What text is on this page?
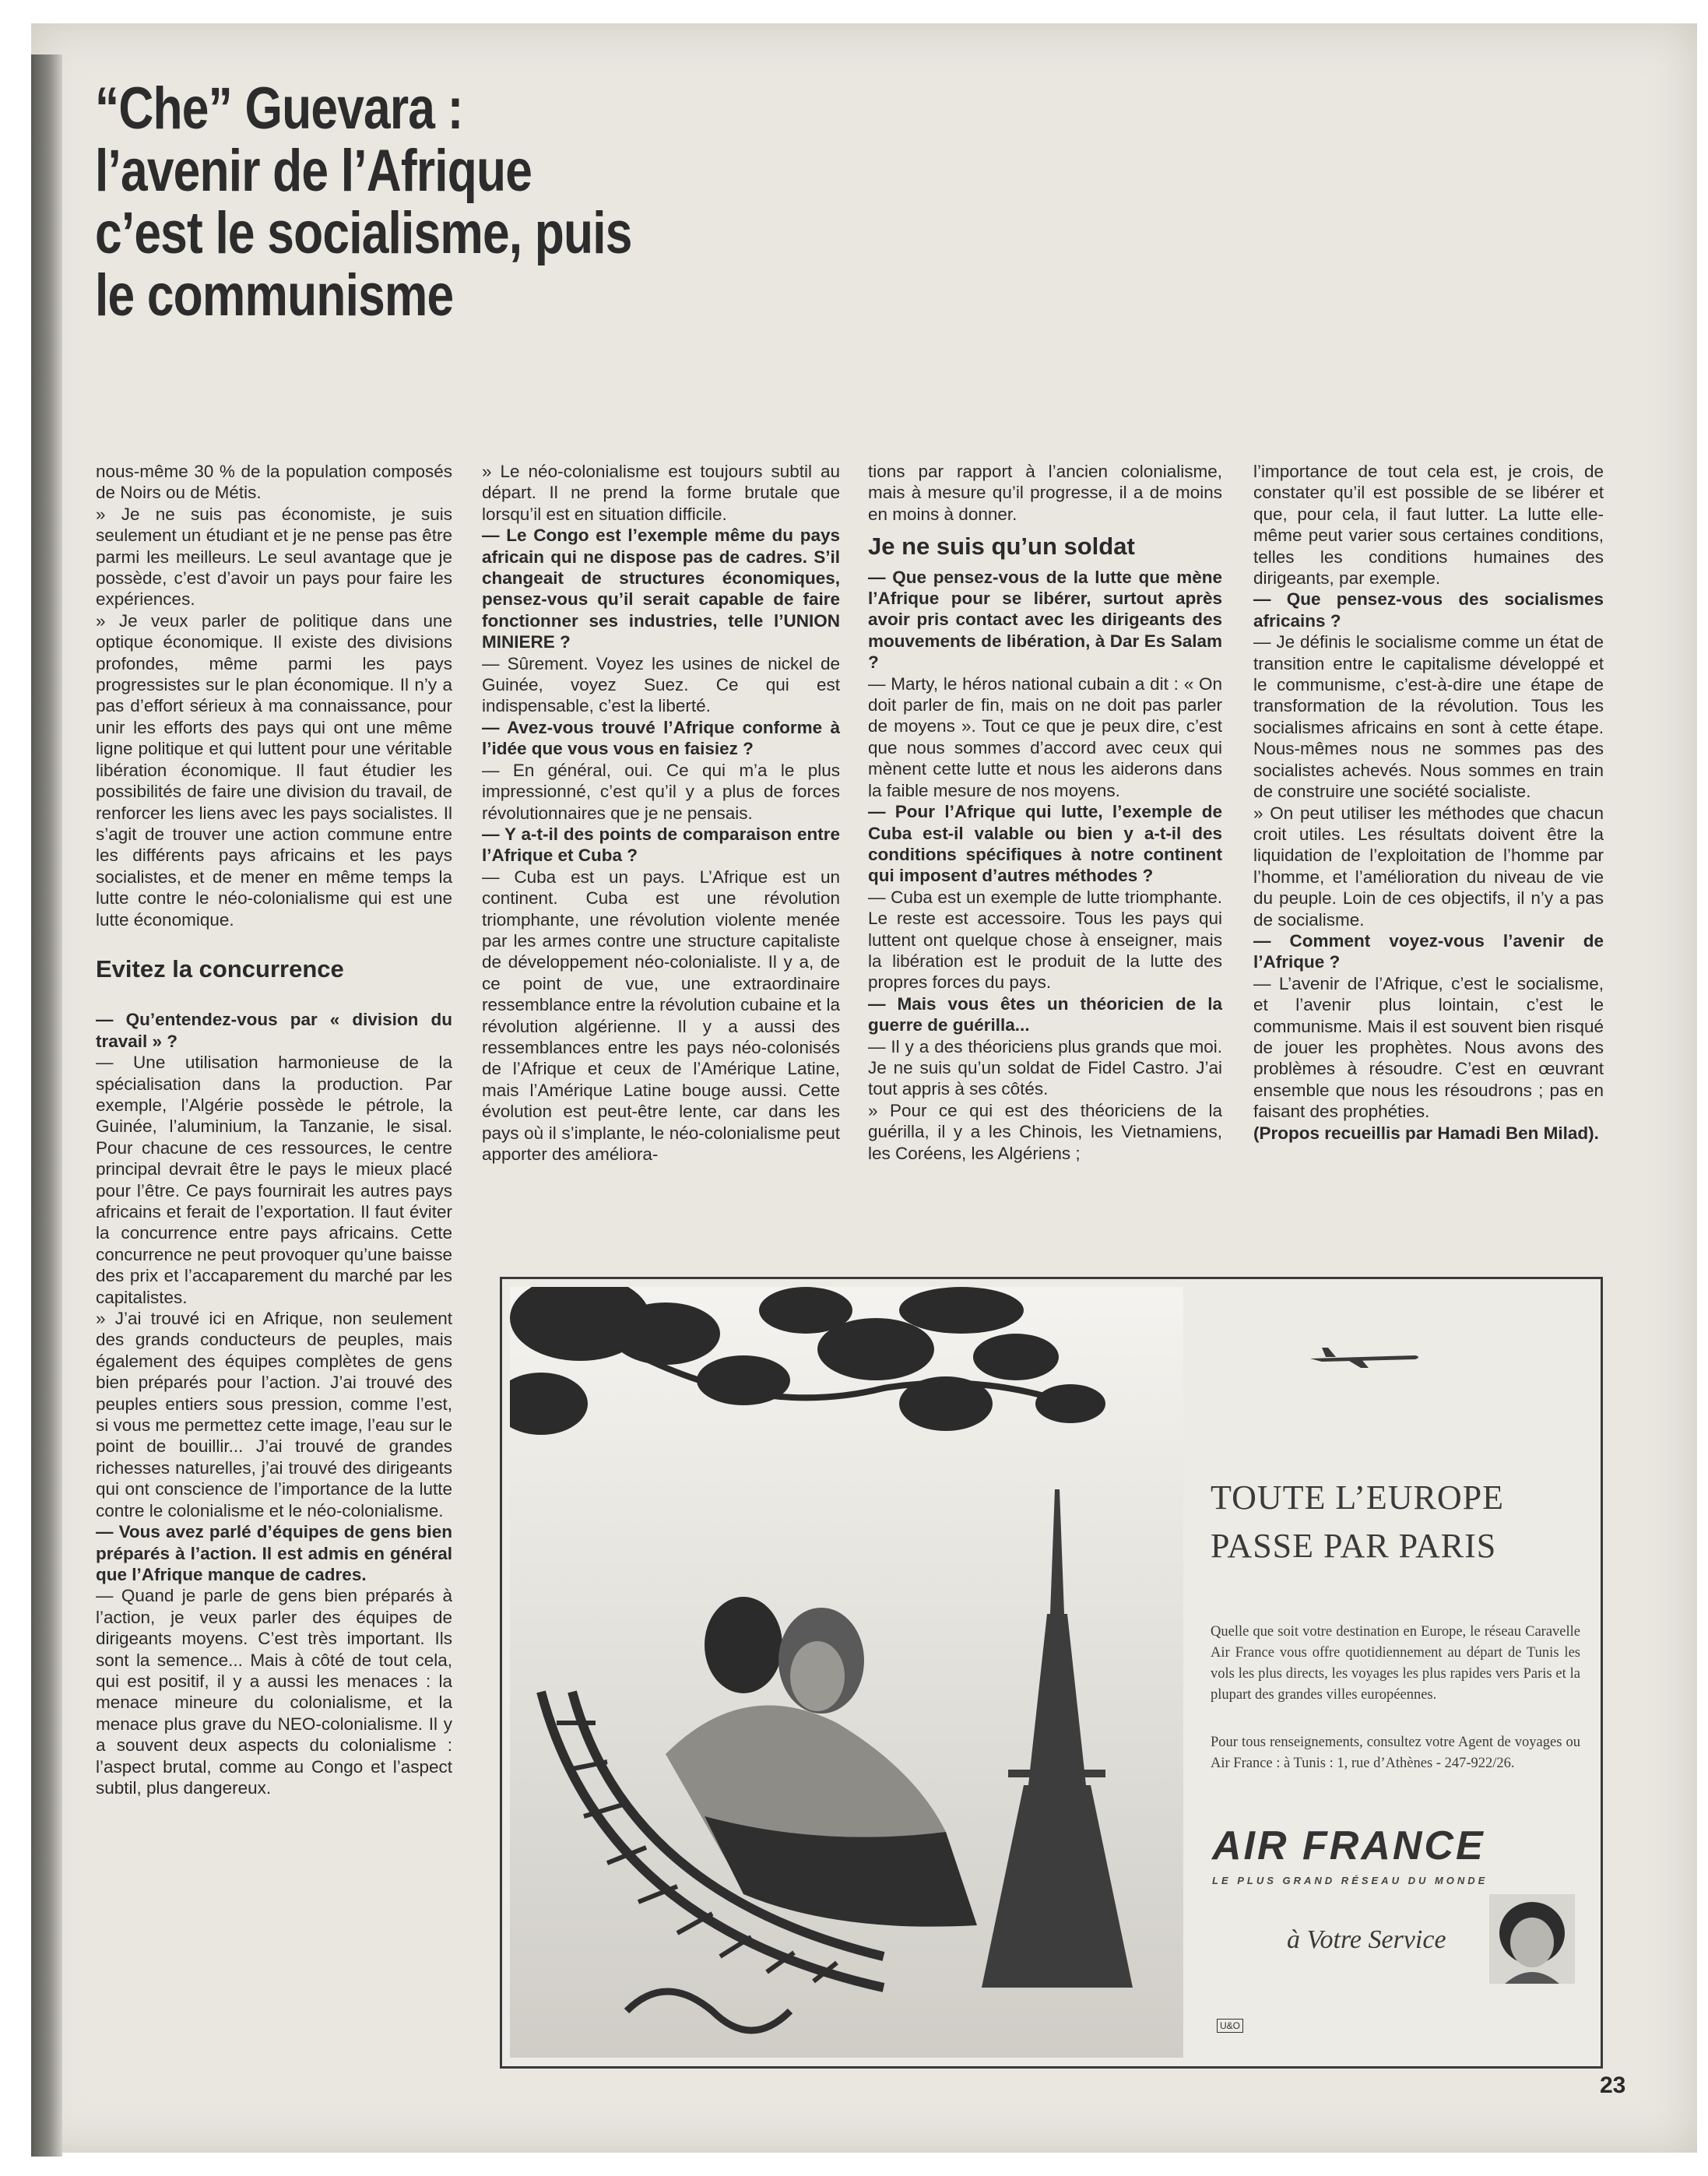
“Che” Guevara :
l’avenir de l’Afrique
c’est le socialisme, puis
le communisme

nous-même 30 % de la population composés de Noirs ou de Métis.

» Je ne suis pas économiste, je suis seulement un étudiant et je ne pense pas être parmi les meilleurs. Le seul avantage que je possède, c’est d’avoir un pays pour faire les expériences.

» Je veux parler de politique dans une optique économique. Il existe des divisions profondes, même parmi les pays progressistes sur le plan économique. Il n’y a pas d’effort sérieux à ma connaissance, pour unir les efforts des pays qui ont une même ligne politique et qui luttent pour une véritable libération économique. Il faut étudier les possibilités de faire une division du travail, de renforcer les liens avec les pays socialistes. Il s’agit de trouver une action commune entre les différents pays africains et les pays socialistes, et de mener en même temps la lutte contre le néo-colonialisme qui est une lutte économique.

Evitez la concurrence

— Qu’entendez-vous par « division du travail » ?

— Une utilisation harmonieuse de la spécialisation dans la production. Par exemple, l’Algérie possède le pétrole, la Guinée, l’aluminium, la Tanzanie, le sisal. Pour chacune de ces ressources, le centre principal devrait être le pays le mieux placé pour l’être. Ce pays fournirait les autres pays africains et ferait de l’exportation. Il faut éviter la concurrence entre pays africains. Cette concurrence ne peut provoquer qu’une baisse des prix et l’accaparement du marché par les capitalistes.

» J’ai trouvé ici en Afrique, non seulement des grands conducteurs de peuples, mais également des équipes complètes de gens bien préparés pour l’action. J’ai trouvé des peuples entiers sous pression, comme l’est, si vous me permettez cette image, l’eau sur le point de bouillir... J’ai trouvé de grandes richesses naturelles, j’ai trouvé des dirigeants qui ont conscience de l’importance de la lutte contre le colonialisme et le néo-colonialisme.

— Vous avez parlé d’équipes de gens bien préparés à l’action. Il est admis en général que l’Afrique manque de cadres.

— Quand je parle de gens bien préparés à l’action, je veux parler des équipes de dirigeants moyens. C’est très important. Ils sont la semence... Mais à côté de tout cela, qui est positif, il y a aussi les menaces : la menace mineure du colonialisme, et la menace plus grave du NEO-colonialisme. Il y a souvent deux aspects du colonialisme : l’aspect brutal, comme au Congo et l’aspect subtil, plus dangereux.

» Le néo-colonialisme est toujours subtil au départ. Il ne prend la forme brutale que lorsqu’il est en situation difficile.

— Le Congo est l’exemple même du pays africain qui ne dispose pas de cadres. S’il changeait de structures économiques, pensez-vous qu’il serait capable de faire fonctionner ses industries, telle l’UNION MINIERE ?

— Sûrement. Voyez les usines de nickel de Guinée, voyez Suez. Ce qui est indispensable, c’est la liberté.

— Avez-vous trouvé l’Afrique conforme à l’idée que vous vous en faisiez ?

— En général, oui. Ce qui m’a le plus impressionné, c’est qu’il y a plus de forces révolutionnaires que je ne pensais.

— Y a-t-il des points de comparaison entre l’Afrique et Cuba ?

— Cuba est un pays. L’Afrique est un continent. Cuba est une révolution triomphante, une révolution violente menée par les armes contre une structure capitaliste de développement néo-colonialiste. Il y a, de ce point de vue, une extraordinaire ressemblance entre la révolution cubaine et la révolution algérienne. Il y a aussi des ressemblances entre les pays néo-colonisés de l’Afrique et ceux de l’Amérique Latine, mais l’Amérique Latine bouge aussi. Cette évolution est peut-être lente, car dans les pays où il s’implante, le néo-colonialisme peut apporter des améliora-

tions par rapport à l’ancien colonialisme, mais à mesure qu’il progresse, il a de moins en moins à donner.

Je ne suis qu’un soldat

— Que pensez-vous de la lutte que mène l’Afrique pour se libérer, surtout après avoir pris contact avec les dirigeants des mouvements de libération, à Dar Es Salam ?

— Marty, le héros national cubain a dit : « On doit parler de fin, mais on ne doit pas parler de moyens ». Tout ce que je peux dire, c’est que nous sommes d’accord avec ceux qui mènent cette lutte et nous les aiderons dans la faible mesure de nos moyens.

— Pour l’Afrique qui lutte, l’exemple de Cuba est-il valable ou bien y a-t-il des conditions spécifiques à notre continent qui imposent d’autres méthodes ?

— Cuba est un exemple de lutte triomphante. Le reste est accessoire. Tous les pays qui luttent ont quelque chose à enseigner, mais la libération est le produit de la lutte des propres forces du pays.

— Mais vous êtes un théoricien de la guerre de guérilla...

— Il y a des théoriciens plus grands que moi. Je ne suis qu’un soldat de Fidel Castro. J’ai tout appris à ses côtés.

» Pour ce qui est des théoriciens de la guérilla, il y a les Chinois, les Vietnamiens, les Coréens, les Algériens ;

l’importance de tout cela est, je crois, de constater qu’il est possible de se libérer et que, pour cela, il faut lutter. La lutte elle-même peut varier sous certaines conditions, telles les conditions humaines des dirigeants, par exemple.

— Que pensez-vous des socialismes africains ?

— Je définis le socialisme comme un état de transition entre le capitalisme développé et le communisme, c’est-à-dire une étape de transformation de la révolution. Tous les socialismes africains en sont à cette étape. Nous-mêmes nous ne sommes pas des socialistes achevés. Nous sommes en train de construire une société socialiste.

» On peut utiliser les méthodes que chacun croit utiles. Les résultats doivent être la liquidation de l’exploitation de l’homme par l’homme, et l’amélioration du niveau de vie du peuple. Loin de ces objectifs, il n’y a pas de socialisme.

— Comment voyez-vous l’avenir de l’Afrique ?

— L’avenir de l’Afrique, c’est le socialisme, et l’avenir plus lointain, c’est le communisme. Mais il est souvent bien risqué de jouer les prophètes. Nous avons des problèmes à résoudre. C’est en œuvrant ensemble que nous les résoudrons ; pas en faisant des prophéties.

(Propos recueillis par Hamadi Ben Milad).

TOUTE L’EUROPE
PASSE PAR PARIS
Quelle que soit votre destination en Europe, le réseau Caravelle Air France vous offre quotidiennement au départ de Tunis les vols les plus directs, les voyages les plus rapides vers Paris et la plupart des grandes villes européennes.
Pour tous renseignements, consultez votre Agent de voyages ou Air France : à Tunis : 1, rue d’Athènes - 247-922/26.
AIR FRANCE
LE PLUS GRAND RÉSEAU DU MONDE
à Votre Service
U&O
23
